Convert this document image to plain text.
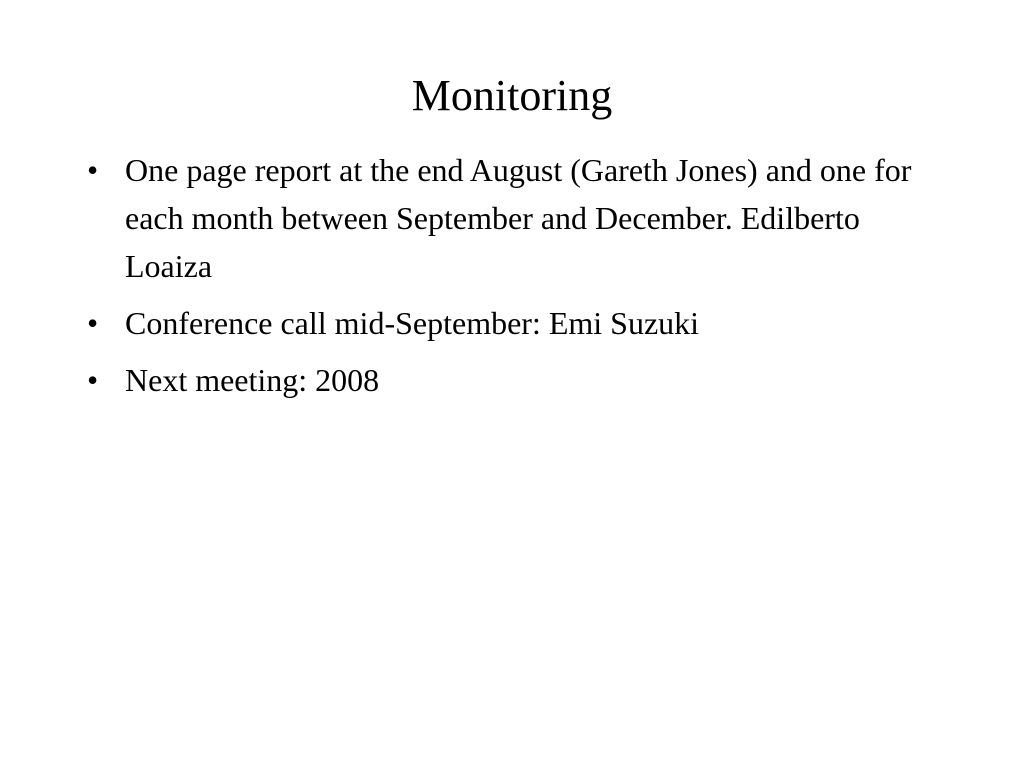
Monitoring
• One page report at the end August (Gareth Jones) and one for each month between September and December. Edilberto Loaiza
• Conference call mid-September: Emi Suzuki
• Next meeting: 2008
